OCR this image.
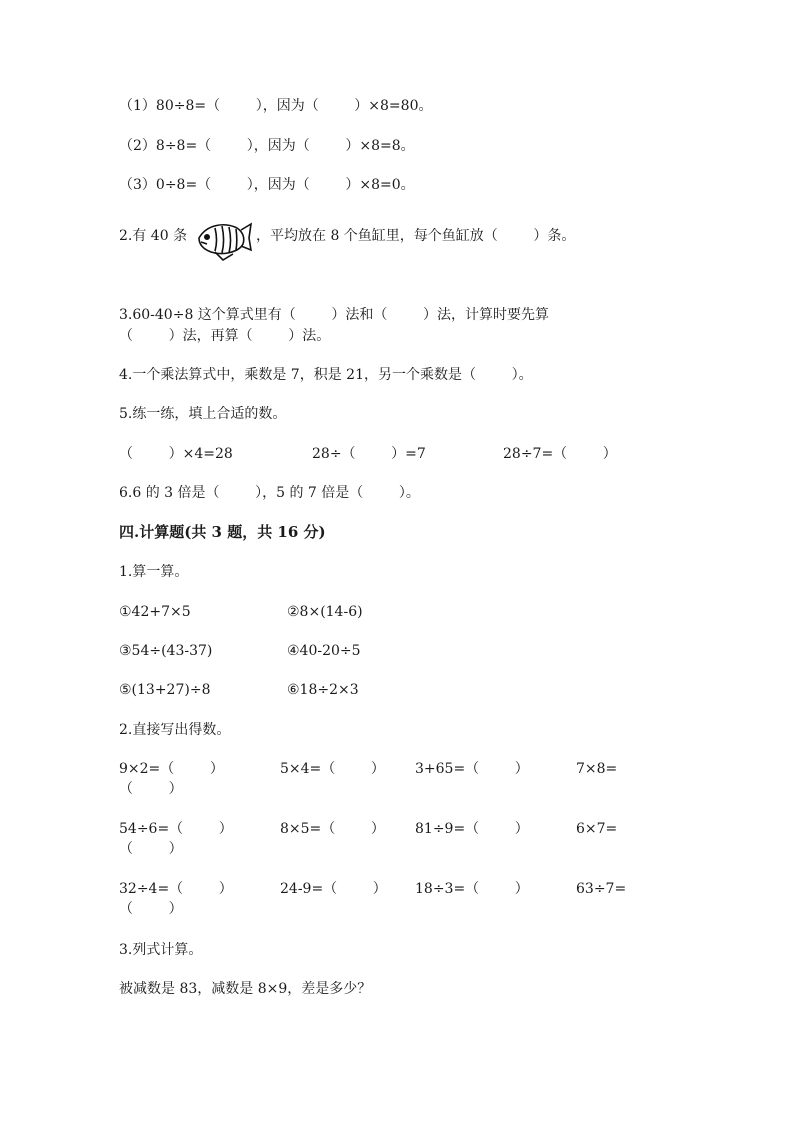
（1）80÷8=（        ），因为（        ）×8=80。
（2）8÷8=（        ），因为（        ）×8=8。
（3）0÷8=（        ），因为（        ）×8=0。
2.有 40 条	，平均放在 8 个鱼缸里，每个鱼缸放（        ）条。
3.60-40÷8 这个算式里有（        ）法和（        ）法，计算时要先算
（        ）法，再算（        ）法。
4.一个乘法算式中，乘数是 7，积是 21，另一个乘数是（        ）。
5.练一练，填上合适的数。
（        ）×4=28	28÷（        ）=7	28÷7=（        ）
6.6 的 3 倍是（        ），5 的 7 倍是（        ）。
四.计算题(共 3 题，共 16 分)
1.算一算。
①42+7×5	②8×(14-6)
③54÷(43-37)	④40-20÷5
⑤(13+27)÷8	⑥18÷2×3
2.直接写出得数。
9×2=（        ）	5×4=（        ） 3+65=（        ）	7×8=
（        ）
54÷6=（        ）	8×5=（        ） 81÷9=（        ）	6×7=
（        ）
32÷4=（        ）	24-9=（        ） 18÷3=（        ）	63÷7=
（        ）
3.列式计算。
被减数是 83，减数是 8×9，差是多少？
